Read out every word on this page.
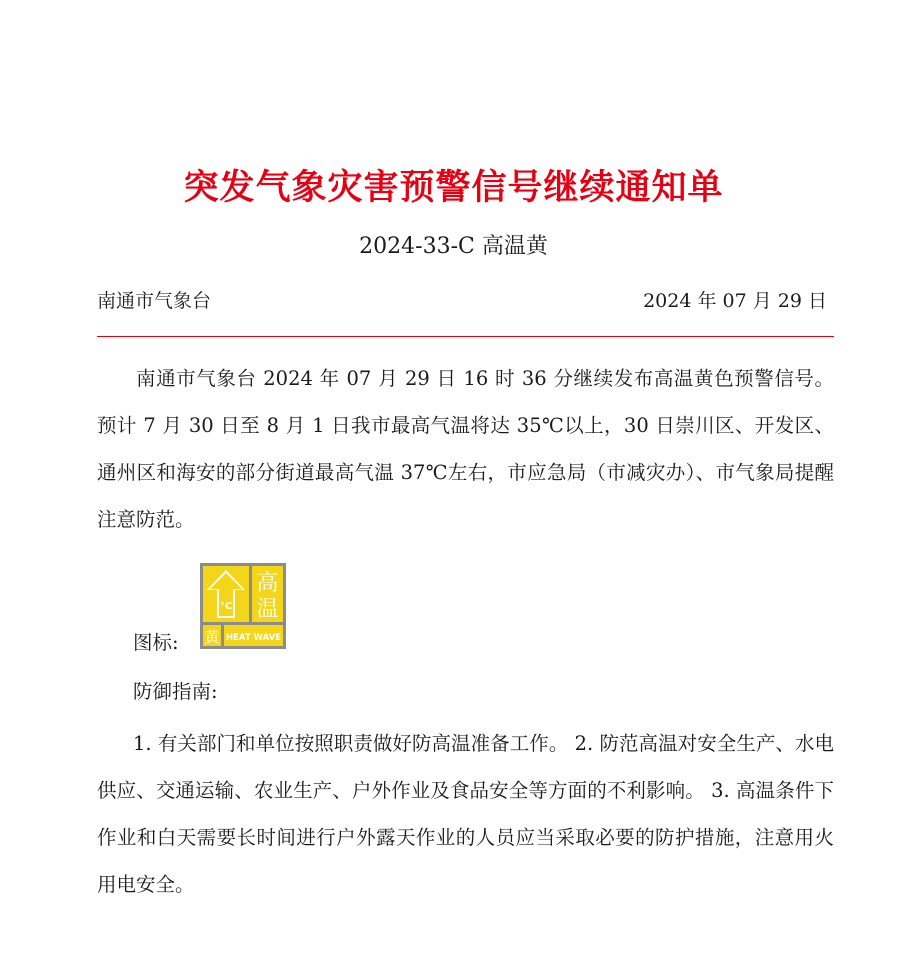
突发气象灾害预警信号继续通知单
2024-33-C 高温黄
南通市气象台	2024 年 07 月 29 日

南通市气象台 2024 年 07 月 29 日 16 时 36 分继续发布高温黄色预警信号。预计 7 月 30 日至 8 月 1 日我市最高气温将达 35℃以上，30 日崇川区、开发区、通州区和海安的部分街道最高气温 37℃左右，市应急局（市减灾办）、市气象局提醒注意防范。

图标:
°C
高
温
黄 HEAT WAVE
防御指南:

1. 有关部门和单位按照职责做好防高温准备工作。 2. 防范高温对安全生产、水电供应、交通运输、农业生产、户外作业及食品安全等方面的不利影响。 3. 高温条件下作业和白天需要长时间进行户外露天作业的人员应当采取必要的防护措施，注意用火用电安全。
